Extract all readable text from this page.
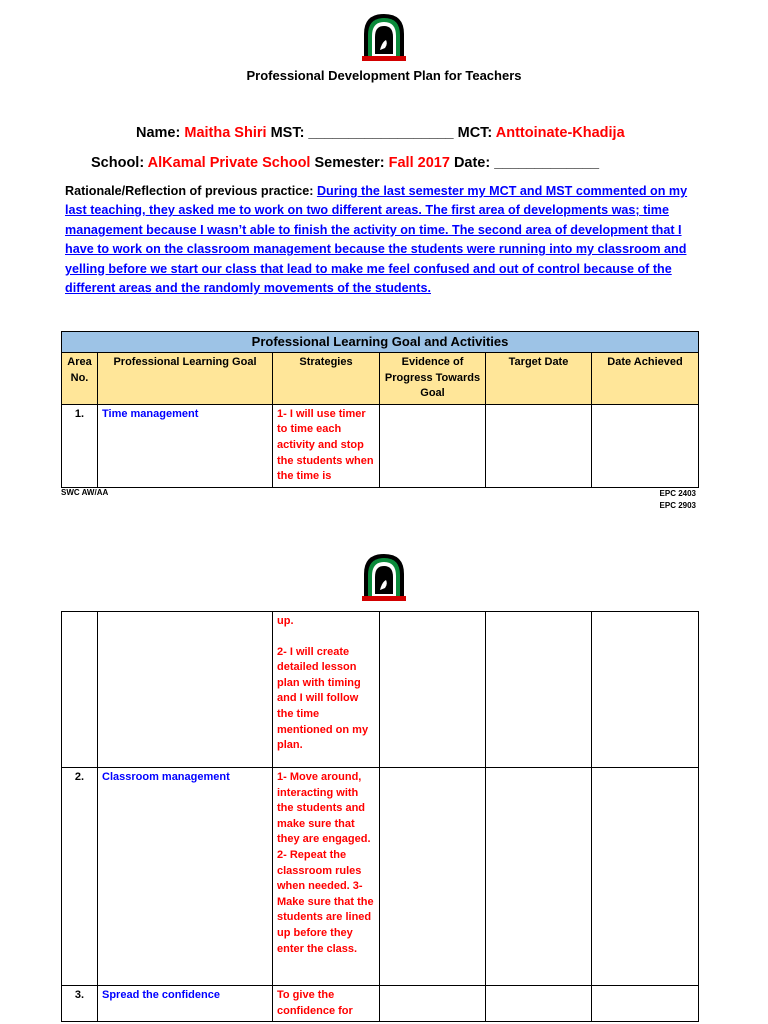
Professional Development Plan for Teachers
Name: Maitha Shiri MST: __________________ MCT: Anttoinate-Khadija
School: AlKamal Private School Semester: Fall 2017 Date: _____________
Rationale/Reflection of previous practice: During the last semester my MCT and MST commented on my last teaching, they asked me to work on two different areas. The first area of developments was; time management because I wasn’t able to finish the activity on time. The second area of development that I have to work on the classroom management because the students were running into my classroom and yelling before we start our class that lead to make me feel confused and out of control because of the different areas and the randomly movements of the students.
Professional Learning Goal and Activities					
Area No.	Professional Learning Goal	Strategies	Evidence of Progress Towards Goal	Target Date	Date Achieved
1.	Time management	1- I will use timer to time each activity and stop the students when the time is			
SWC AW/AA	EPC 2403
EPC 2903

		up.
2- I will create detailed lesson plan with timing and I will follow the time mentioned on my plan.			

2.	Classroom management	1- Move around, interacting with the students and make sure that they are engaged. 2- Repeat the classroom rules when needed. 3- Make sure that the students are lined up before they enter the class.			
3.	Spread the confidence	To give the confidence for			
